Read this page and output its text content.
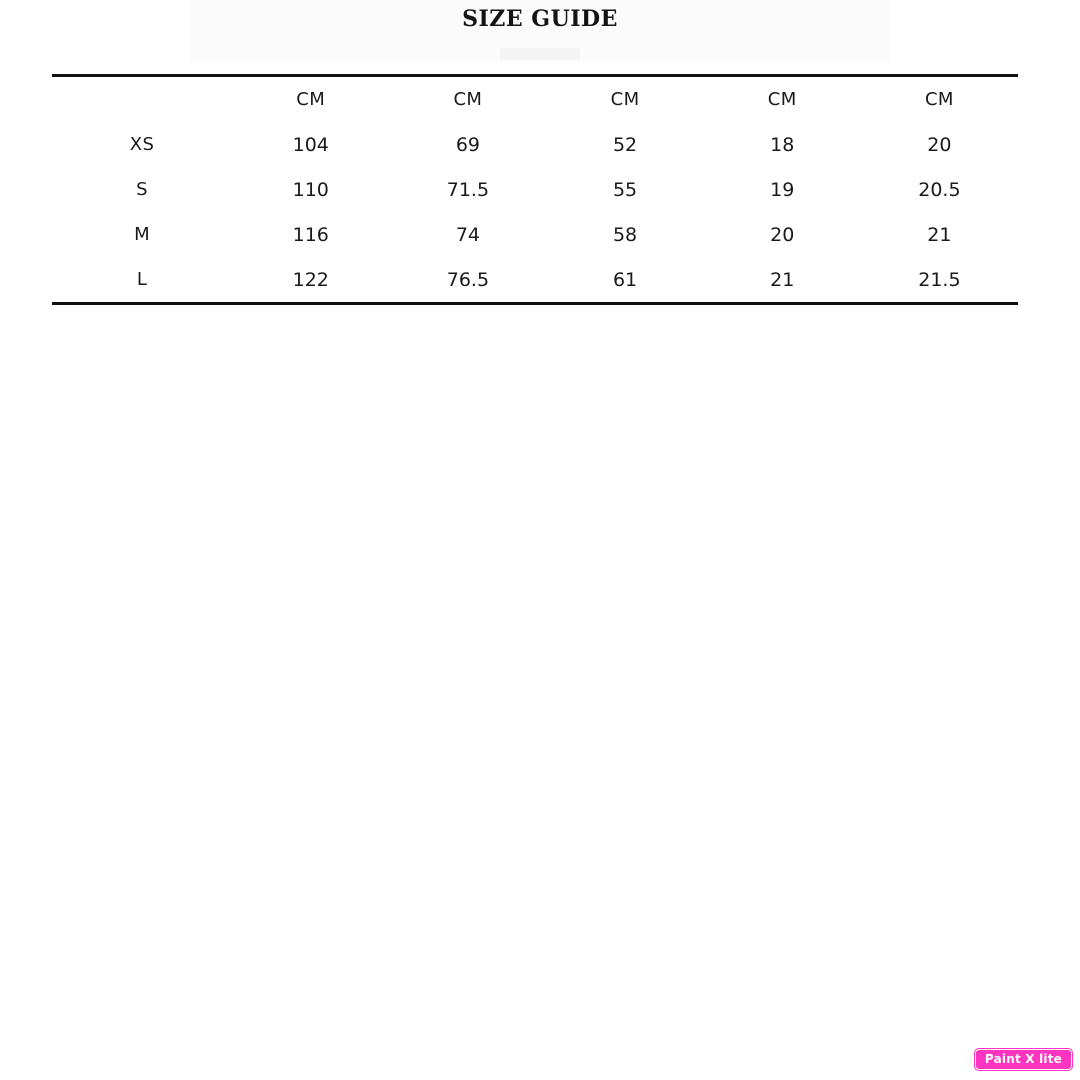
SIZE GUIDE
	CM	CM	CM	CM	CM
XS	104	69	52	18	20
S	110	71.5	55	19	20.5
M	116	74	58	20	21
L	122	76.5	61	21	21.5
Paint X lite
